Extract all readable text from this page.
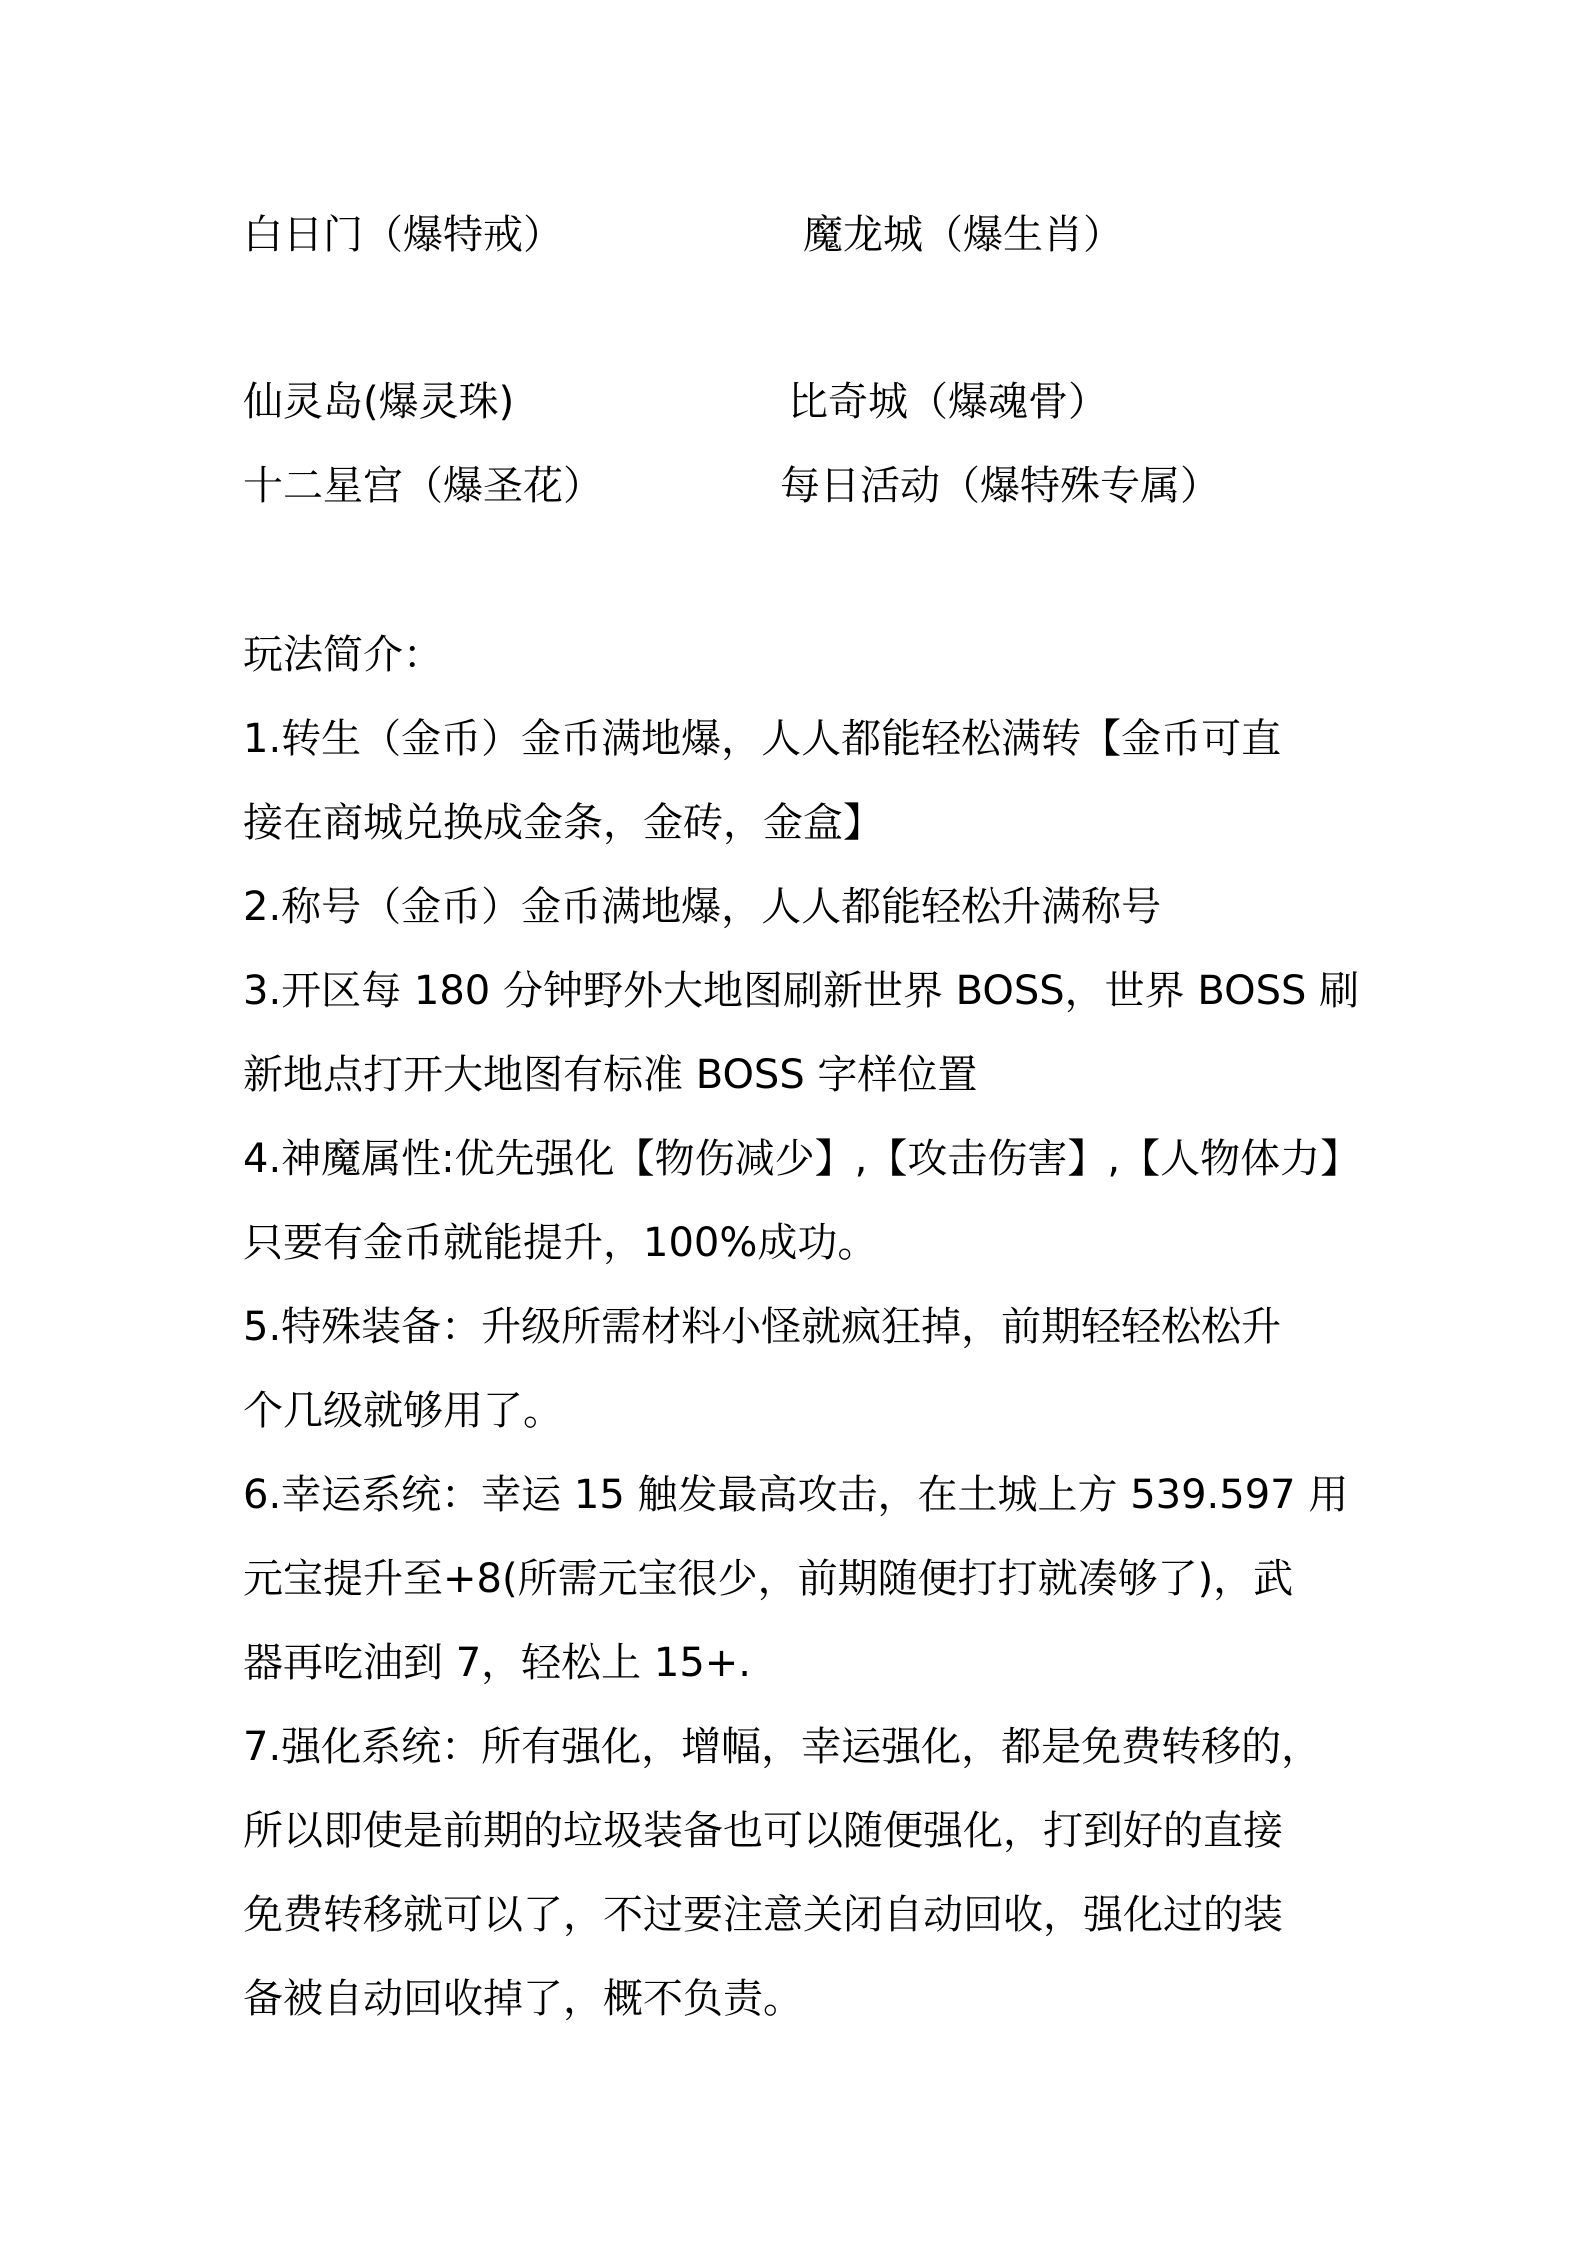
白日门（爆特戒）	魔龙城（爆生肖）
仙灵岛(爆灵珠)	比奇城（爆魂骨）
十二星宫（爆圣花）	每日活动（爆特殊专属）
玩法简介：
1.转生（金币）金币满地爆，人人都能轻松满转【金币可直
接在商城兑换成金条，金砖，金盒】
2.称号（金币）金币满地爆，人人都能轻松升满称号
3.开区每 180 分钟野外大地图刷新世界 BOSS，世界 BOSS 刷
新地点打开大地图有标准 BOSS 字样位置
4.神魔属性:优先强化【物伤减少】,【攻击伤害】,【人物体力】
只要有金币就能提升，100%成功。
5.特殊装备：升级所需材料小怪就疯狂掉，前期轻轻松松升
个几级就够用了。
6.幸运系统：幸运 15 触发最高攻击，在土城上方 539.597 用
元宝提升至+8(所需元宝很少，前期随便打打就凑够了)，武
器再吃油到 7，轻松上 15+.
7.强化系统：所有强化，增幅，幸运强化，都是免费转移的，
所以即使是前期的垃圾装备也可以随便强化，打到好的直接
免费转移就可以了，不过要注意关闭自动回收，强化过的装
备被自动回收掉了，概不负责。
